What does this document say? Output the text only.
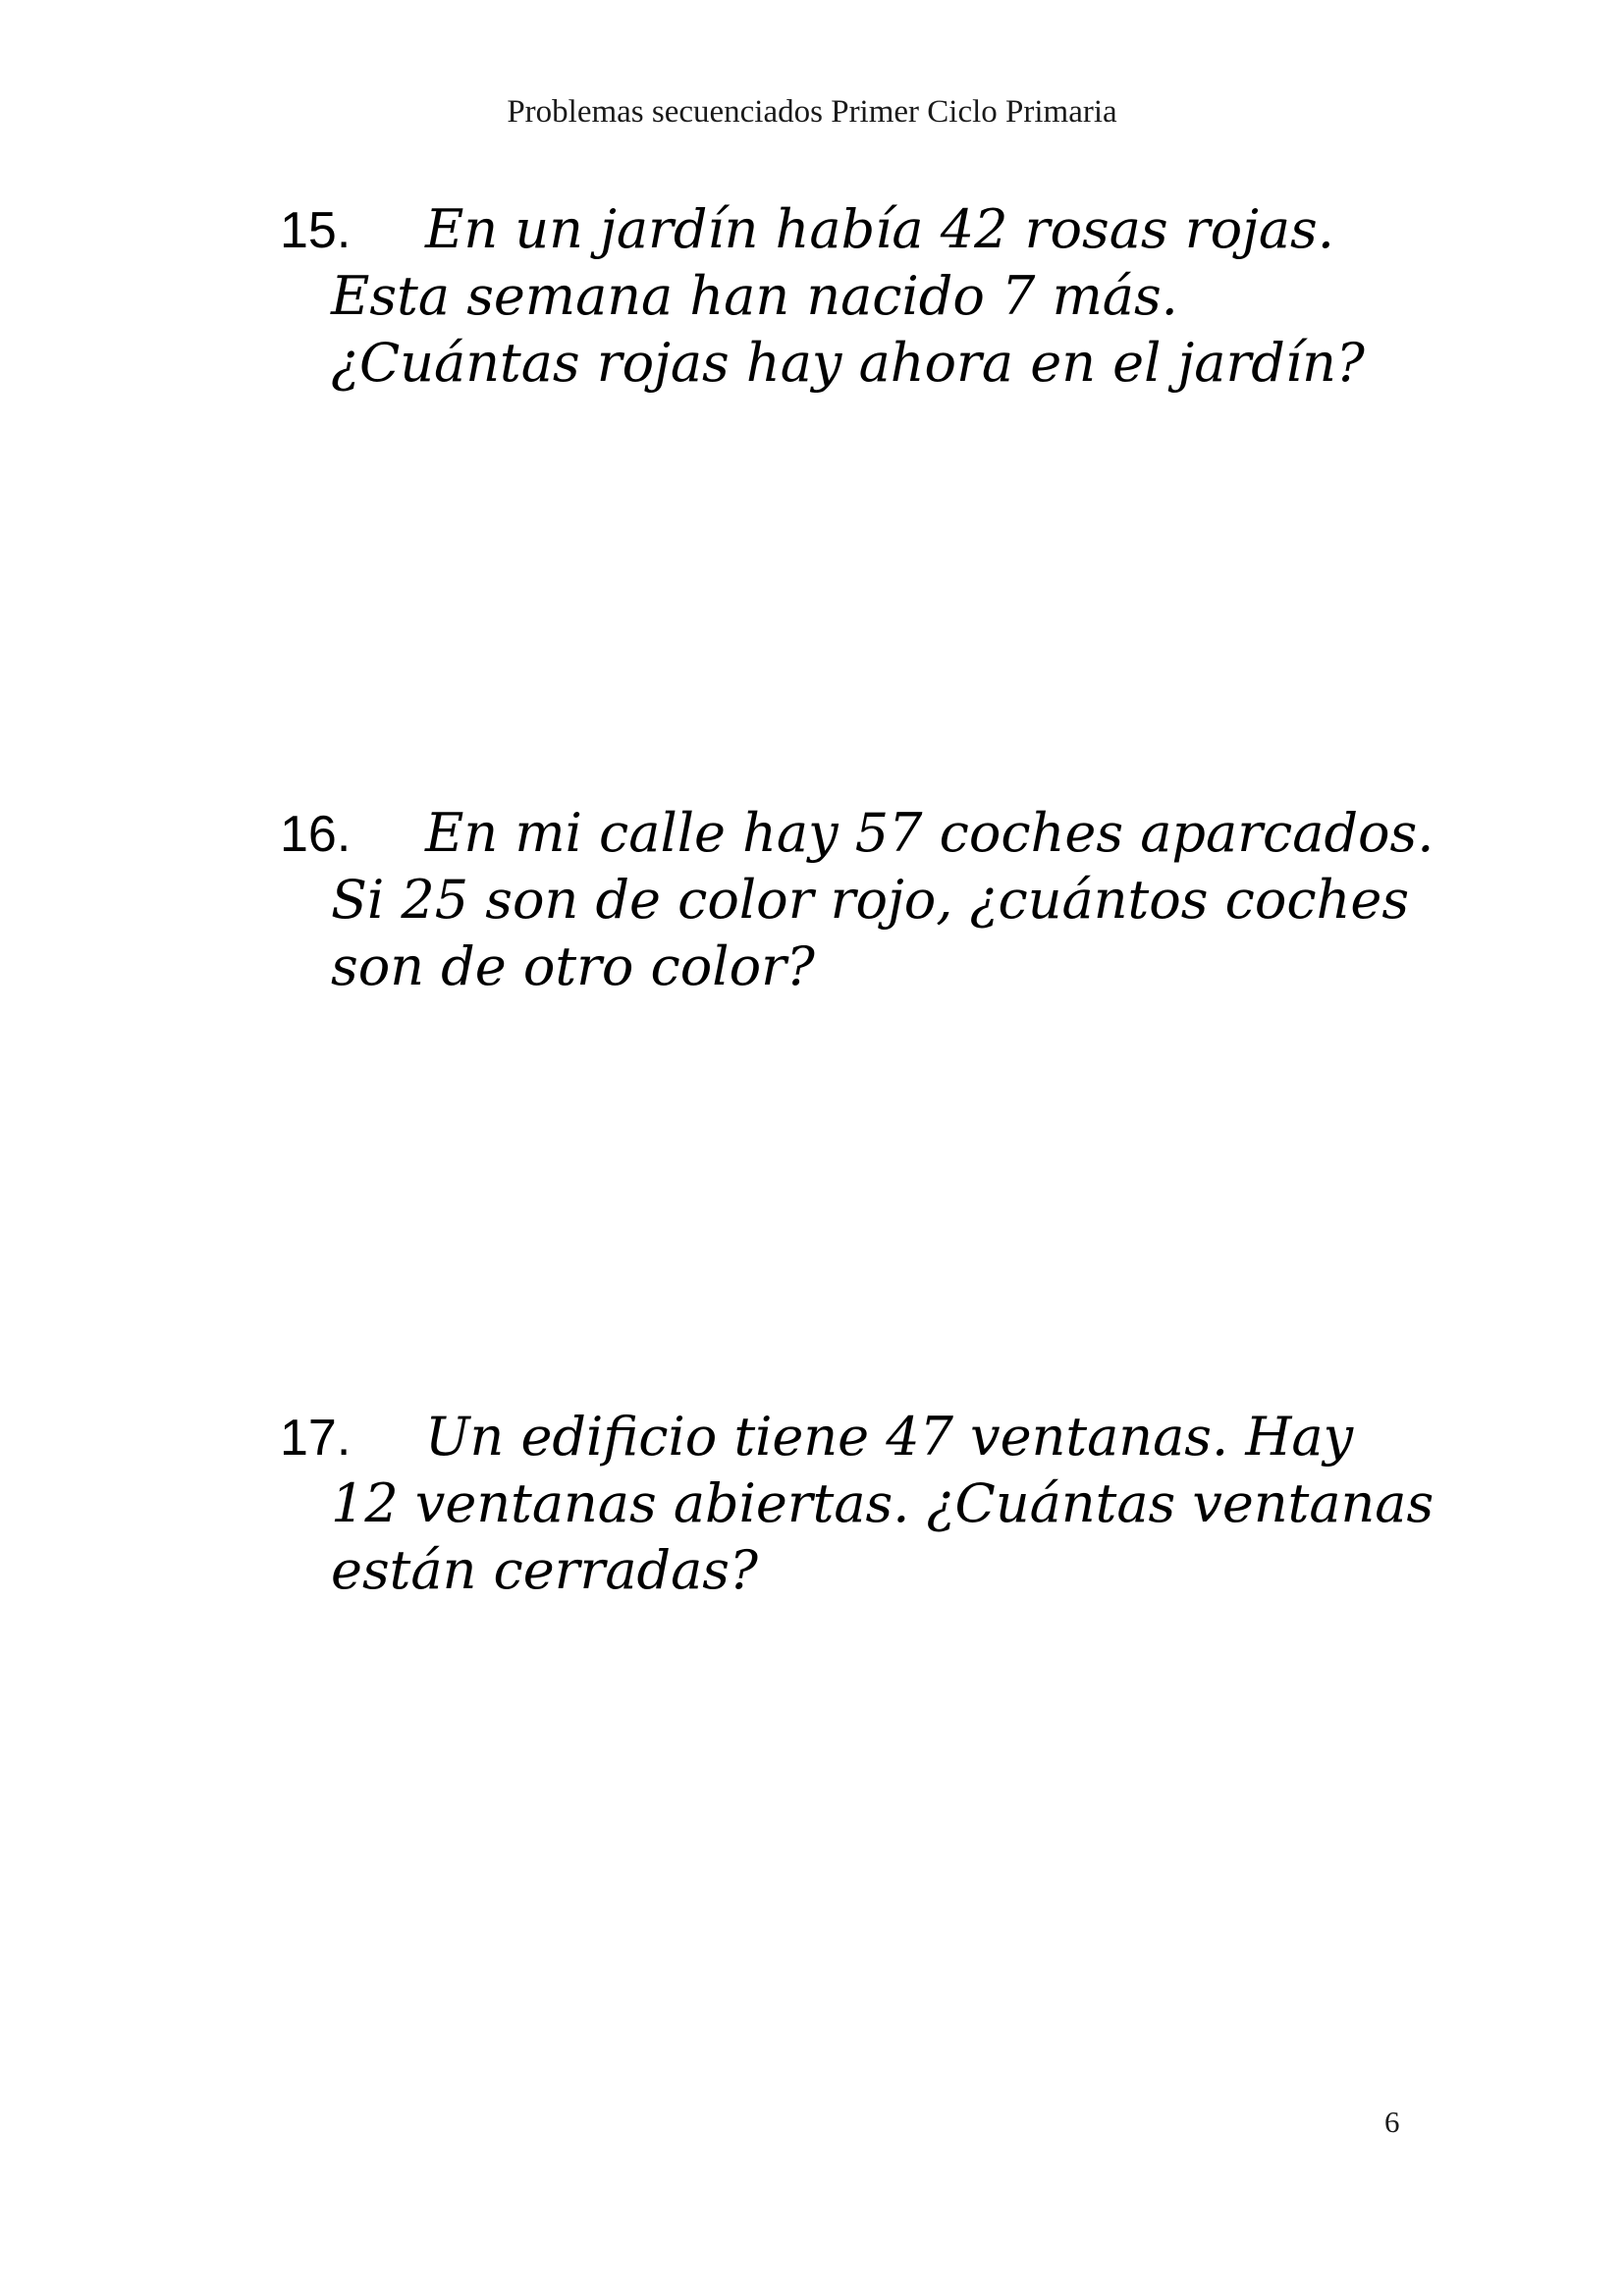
Problemas secuenciados Primer Ciclo Primaria
15. En un jardín había 42 rosas rojas.
Esta semana han nacido 7 más.
¿Cuántas rojas hay ahora en el jardín?
16. En mi calle hay 57 coches aparcados.
Si 25 son de color rojo, ¿cuántos coches
son de otro color?
17. Un edificio tiene 47 ventanas. Hay
12 ventanas abiertas. ¿Cuántas ventanas
están cerradas?
6
